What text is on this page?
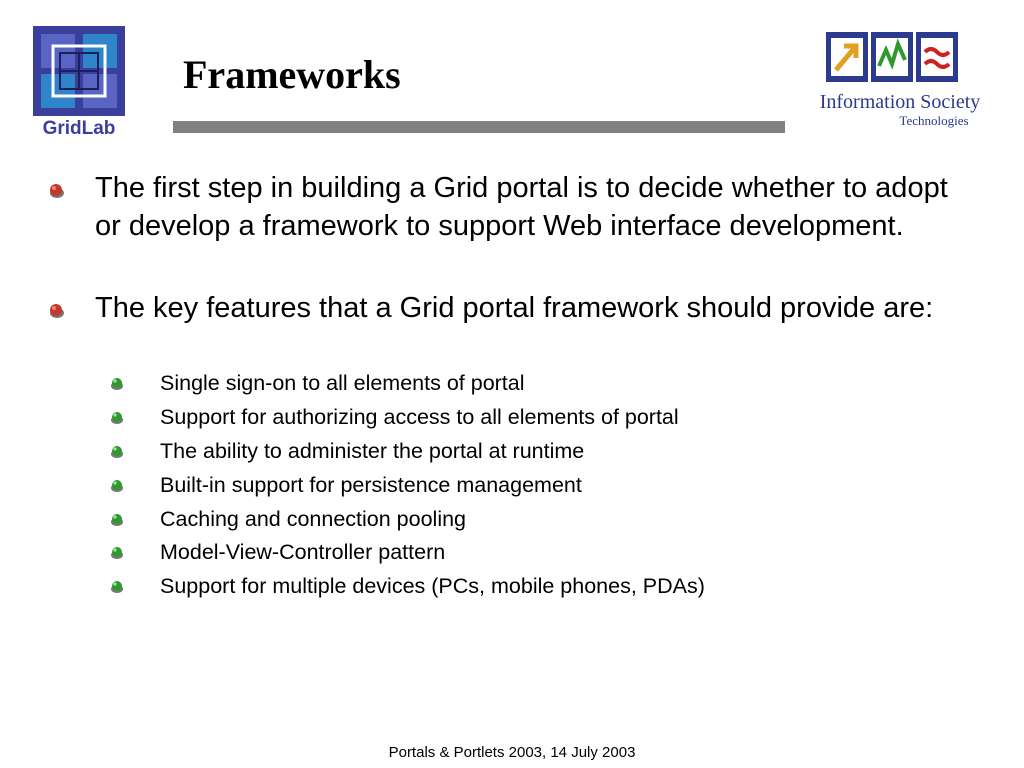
GridLab
Frameworks
Information Society
Technologies
The first step in building a Grid portal is to decide whether to adopt or develop a framework to support Web interface development.
The key features that a Grid portal framework should provide are:
Single sign-on to all elements of portal
Support for authorizing access to all elements of portal
The ability to administer the portal at runtime
Built-in support for persistence management
Caching and connection pooling
Model-View-Controller pattern
Support for multiple devices (PCs, mobile phones, PDAs)
Portals & Portlets 2003, 14 July 2003
